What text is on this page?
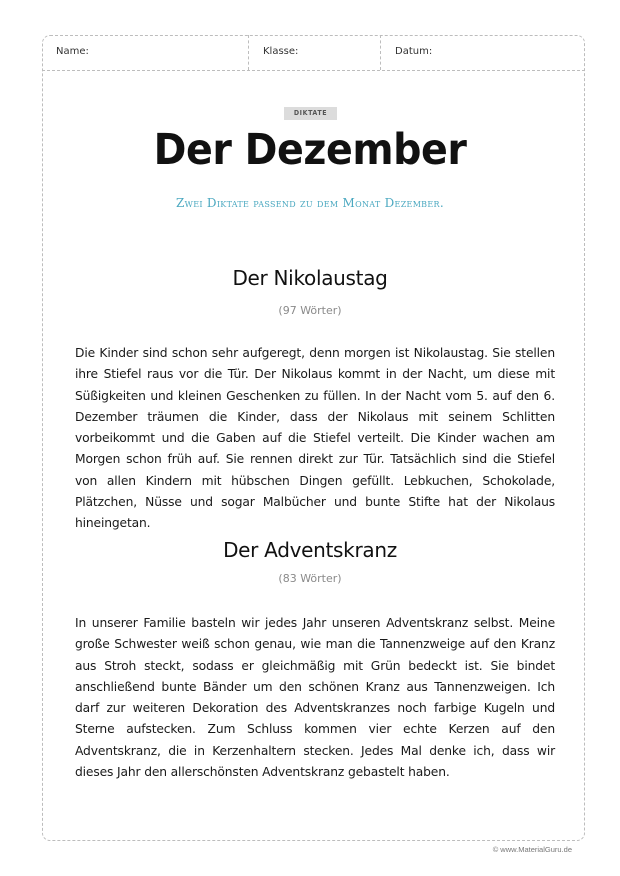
Name:	Klasse:	Datum:
DIKTATE
Der Dezember
Zwei Diktate passend zu dem Monat Dezember.
Der Nikolaustag
(97 Wörter)

Die Kinder sind schon sehr aufgeregt, denn morgen ist Nikolaustag. Sie stellen ihre Stiefel raus vor die Tür. Der Nikolaus kommt in der Nacht, um diese mit Süßigkeiten und kleinen Geschenken zu füllen. In der Nacht vom 5. auf den 6. Dezember träumen die Kinder, dass der Nikolaus mit seinem Schlitten vorbeikommt und die Gaben auf die Stiefel verteilt. Die Kinder wachen am Morgen schon früh auf. Sie rennen direkt zur Tür. Tatsächlich sind die Stiefel von allen Kindern mit hübschen Dingen gefüllt. Lebkuchen, Schokolade, Plätzchen, Nüsse und sogar Malbücher und bunte Stifte hat der Nikolaus hineingetan.

Der Adventskranz
(83 Wörter)

In unserer Familie basteln wir jedes Jahr unseren Adventskranz selbst. Meine große Schwester weiß schon genau, wie man die Tannenzweige auf den Kranz aus Stroh steckt, sodass er gleichmäßig mit Grün bedeckt ist. Sie bindet anschließend bunte Bänder um den schönen Kranz aus Tannenzweigen. Ich darf zur weiteren Dekoration des Adventskranzes noch farbige Kugeln und Sterne aufstecken. Zum Schluss kommen vier echte Kerzen auf den Adventskranz, die in Kerzenhaltern stecken. Jedes Mal denke ich, dass wir dieses Jahr den allerschönsten Adventskranz gebastelt haben.

© www.MaterialGuru.de
